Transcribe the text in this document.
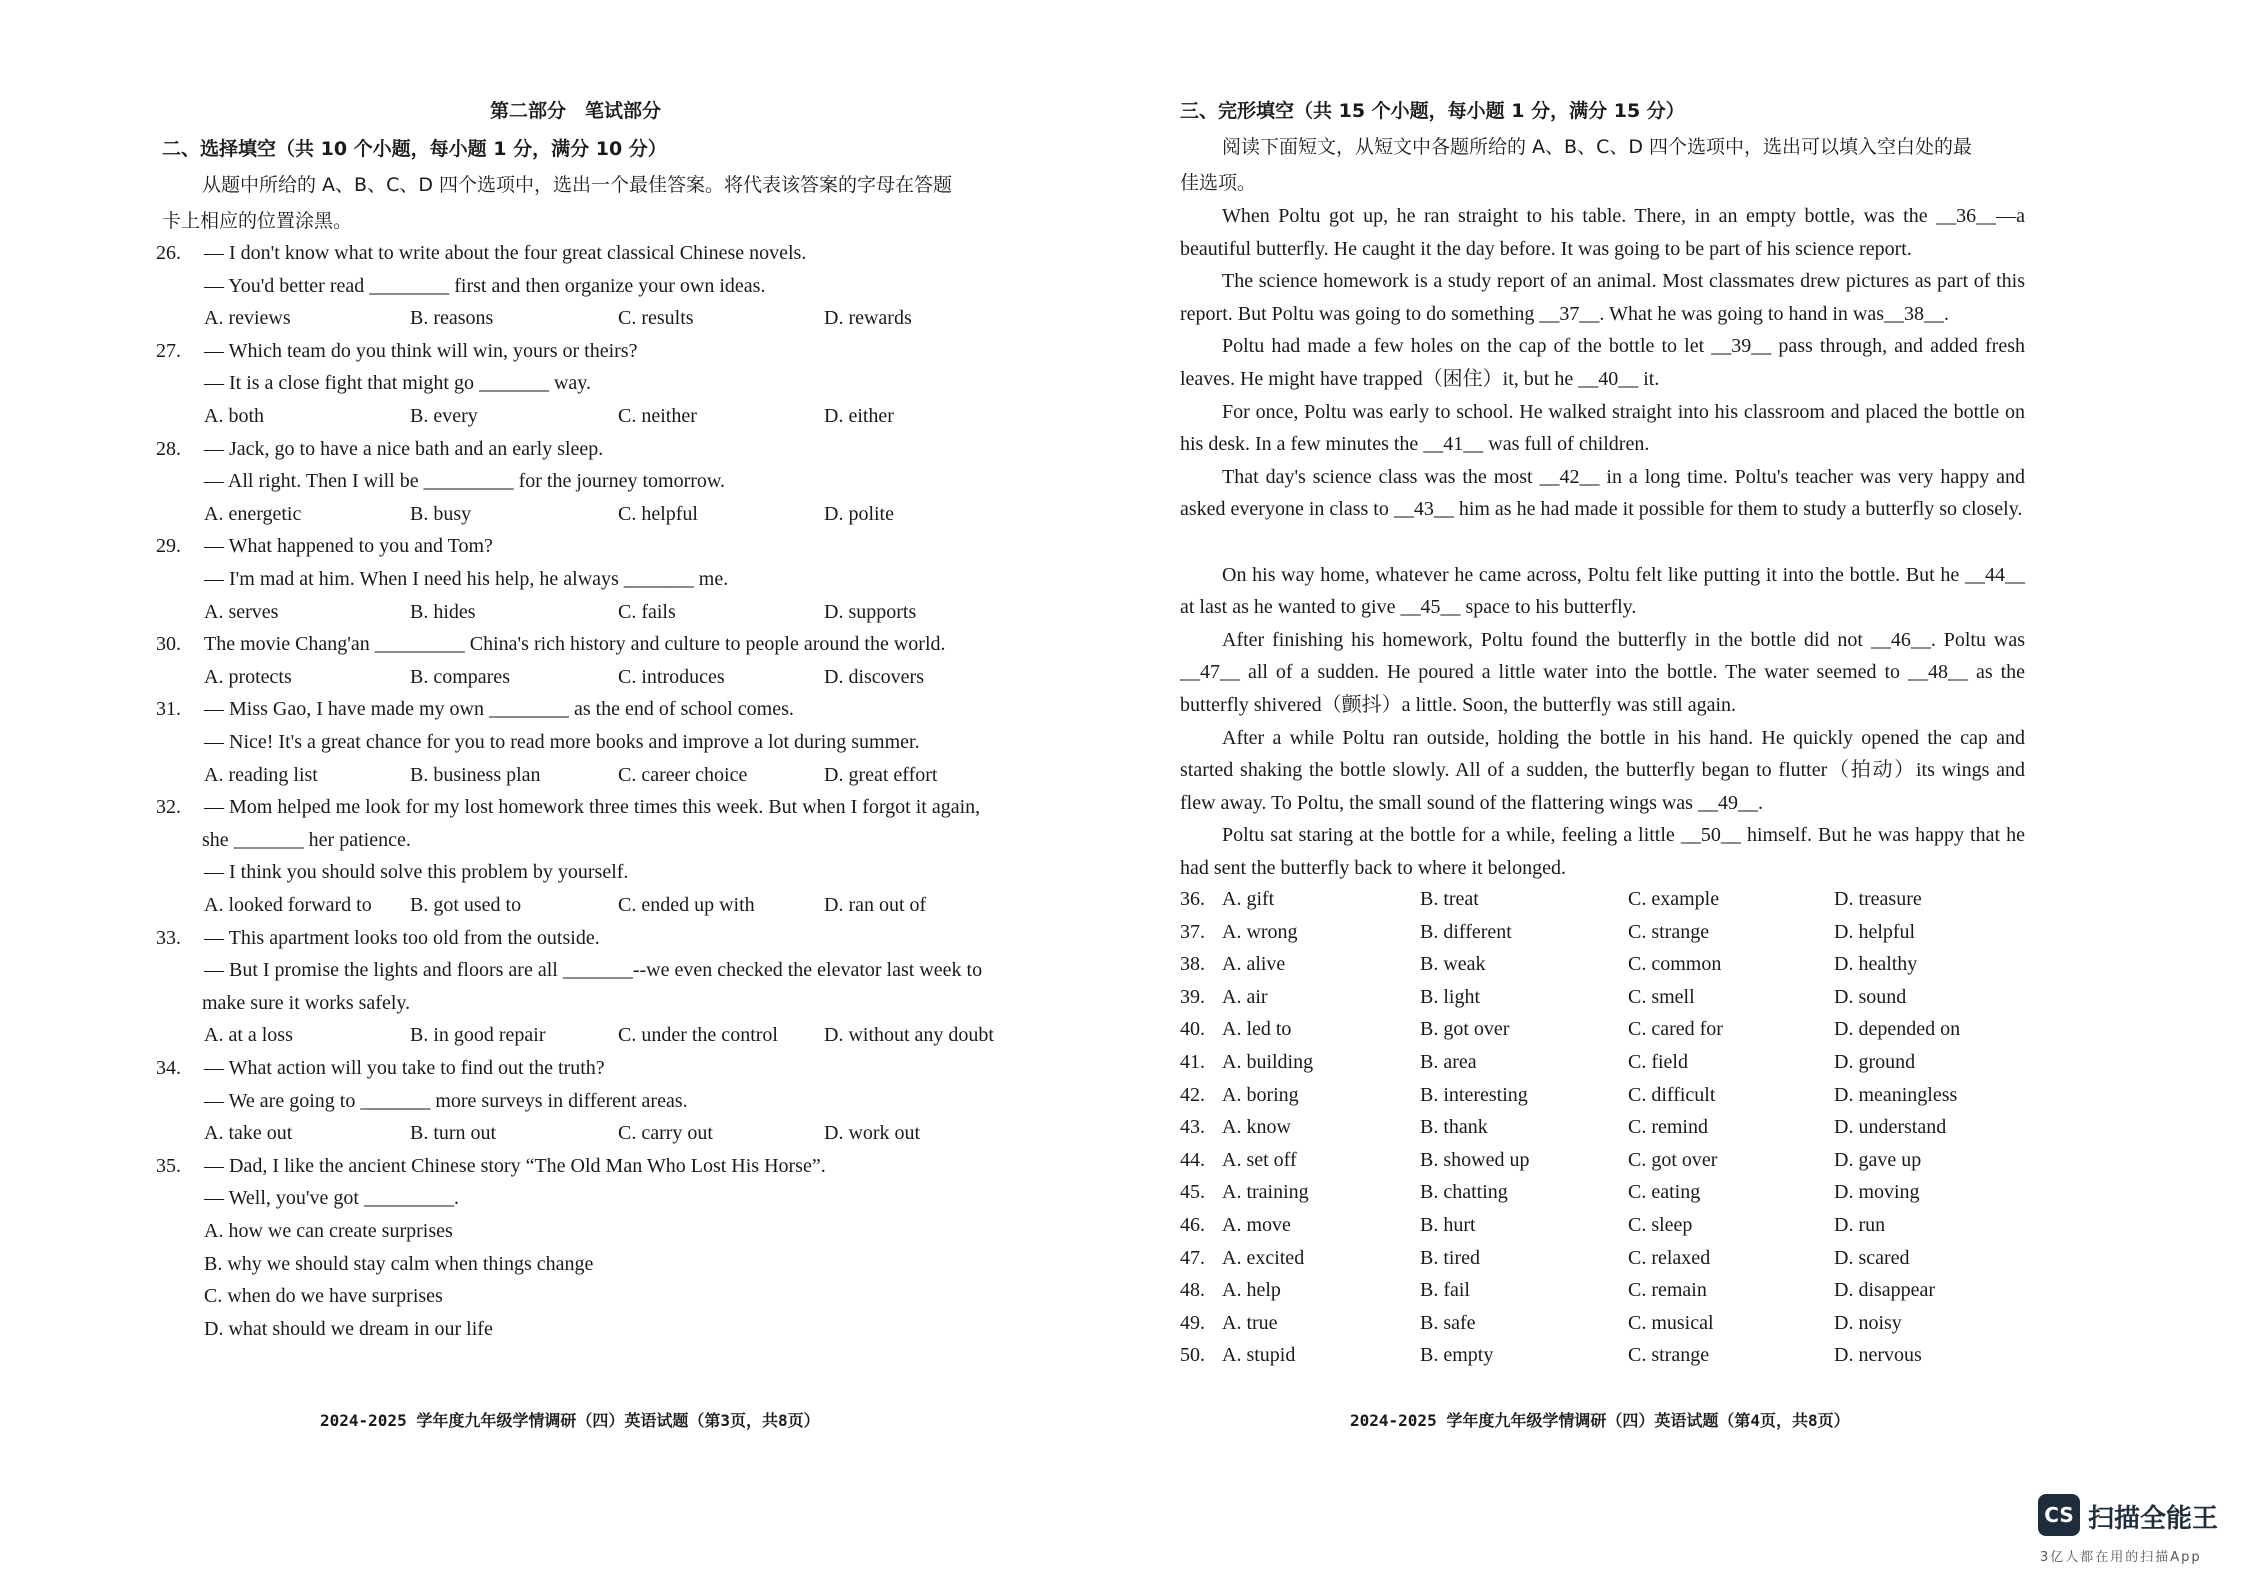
第二部分　笔试部分
二、选择填空（共 10 个小题，每小题 1 分，满分 10 分）
从题中所给的 A、B、C、D 四个选项中，选出一个最佳答案。将代表该答案的字母在答题
卡上相应的位置涂黑。
26. — I don't know what to write about the four great classical Chinese novels.
— You'd better read ________ first and then organize your own ideas.
A. reviews	B. reasons	C. results	D. rewards
27. — Which team do you think will win, yours or theirs?
— It is a close fight that might go _______ way.
A. both	B. every	C. neither	D. either
28. — Jack, go to have a nice bath and an early sleep.
— All right. Then I will be _________ for the journey tomorrow.
A. energetic	B. busy	C. helpful	D. polite
29. — What happened to you and Tom?
— I'm mad at him. When I need his help, he always _______ me.
A. serves	B. hides	C. fails	D. supports
30. The movie Chang'an _________ China's rich history and culture to people around the world.
A. protects	B. compares	C. introduces	D. discovers
31. — Miss Gao, I have made my own ________ as the end of school comes.
— Nice! It's a great chance for you to read more books and improve a lot during summer.
A. reading list	B. business plan	C. career choice	D. great effort
32. — Mom helped me look for my lost homework three times this week. But when I forgot it again,
she _______ her patience.
— I think you should solve this problem by yourself.
A. looked forward to B. got used to	C. ended up with	D. ran out of
33. — This apartment looks too old from the outside.
— But I promise the lights and floors are all _______--we even checked the elevator last week to
make sure it works safely.
A. at a loss	B. in good repair	C. under the control D. without any doubt
34. — What action will you take to find out the truth?
— We are going to _______ more surveys in different areas.
A. take out	B. turn out	C. carry out	D. work out
35. — Dad, I like the ancient Chinese story “The Old Man Who Lost His Horse”.
— Well, you've got _________.
A. how we can create surprises
B. why we should stay calm when things change
C. when do we have surprises
D. what should we dream in our life
2024-2025 学年度九年级学情调研（四）英语试题（第3页，共8页）
三、完形填空（共 15 个小题，每小题 1 分，满分 15 分）
阅读下面短文，从短文中各题所给的 A、B、C、D 四个选项中，选出可以填入空白处的最
佳选项。
When Poltu got up, he ran straight to his table. There, in an empty bottle, was the __36__—a beautiful butterfly. He caught it the day before. It was going to be part of his science report.
The science homework is a study report of an animal. Most classmates drew pictures as part of this report. But Poltu was going to do something __37__. What he was going to hand in was__38__.
Poltu had made a few holes on the cap of the bottle to let __39__ pass through, and added fresh leaves. He might have trapped（困住）it, but he __40__ it.
For once, Poltu was early to school. He walked straight into his classroom and placed the bottle on his desk. In a few minutes the __41__ was full of children.
That day's science class was the most __42__ in a long time. Poltu's teacher was very happy and asked everyone in class to __43__ him as he had made it possible for them to study a butterfly so closely.
On his way home, whatever he came across, Poltu felt like putting it into the bottle. But he __44__ at last as he wanted to give __45__ space to his butterfly.
After finishing his homework, Poltu found the butterfly in the bottle did not __46__. Poltu was __47__ all of a sudden. He poured a little water into the bottle. The water seemed to __48__ as the butterfly shivered（颤抖）a little. Soon, the butterfly was still again.
After a while Poltu ran outside, holding the bottle in his hand. He quickly opened the cap and started shaking the bottle slowly. All of a sudden, the butterfly began to flutter（拍动）its wings and flew away. To Poltu, the small sound of the flattering wings was __49__.
Poltu sat staring at the bottle for a while, feeling a little __50__ himself. But he was happy that he had sent the butterfly back to where it belonged.
36. A. gift	B. treat	C. example	D. treasure
37. A. wrong	B. different	C. strange	D. helpful
38. A. alive	B. weak	C. common	D. healthy
39. A. air	B. light	C. smell	D. sound
40. A. led to	B. got over	C. cared for	D. depended on
41. A. building	B. area	C. field	D. ground
42. A. boring	B. interesting	C. difficult	D. meaningless
43. A. know	B. thank	C. remind	D. understand
44. A. set off	B. showed up	C. got over	D. gave up
45. A. training	B. chatting	C. eating	D. moving
46. A. move	B. hurt	C. sleep	D. run
47. A. excited	B. tired	C. relaxed	D. scared
48. A. help	B. fail	C. remain	D. disappear
49. A. true	B. safe	C. musical	D. noisy
50. A. stupid	B. empty	C. strange	D. nervous
2024-2025 学年度九年级学情调研（四）英语试题（第4页，共8页）
CS 扫描全能王
3亿人都在用的扫描App
